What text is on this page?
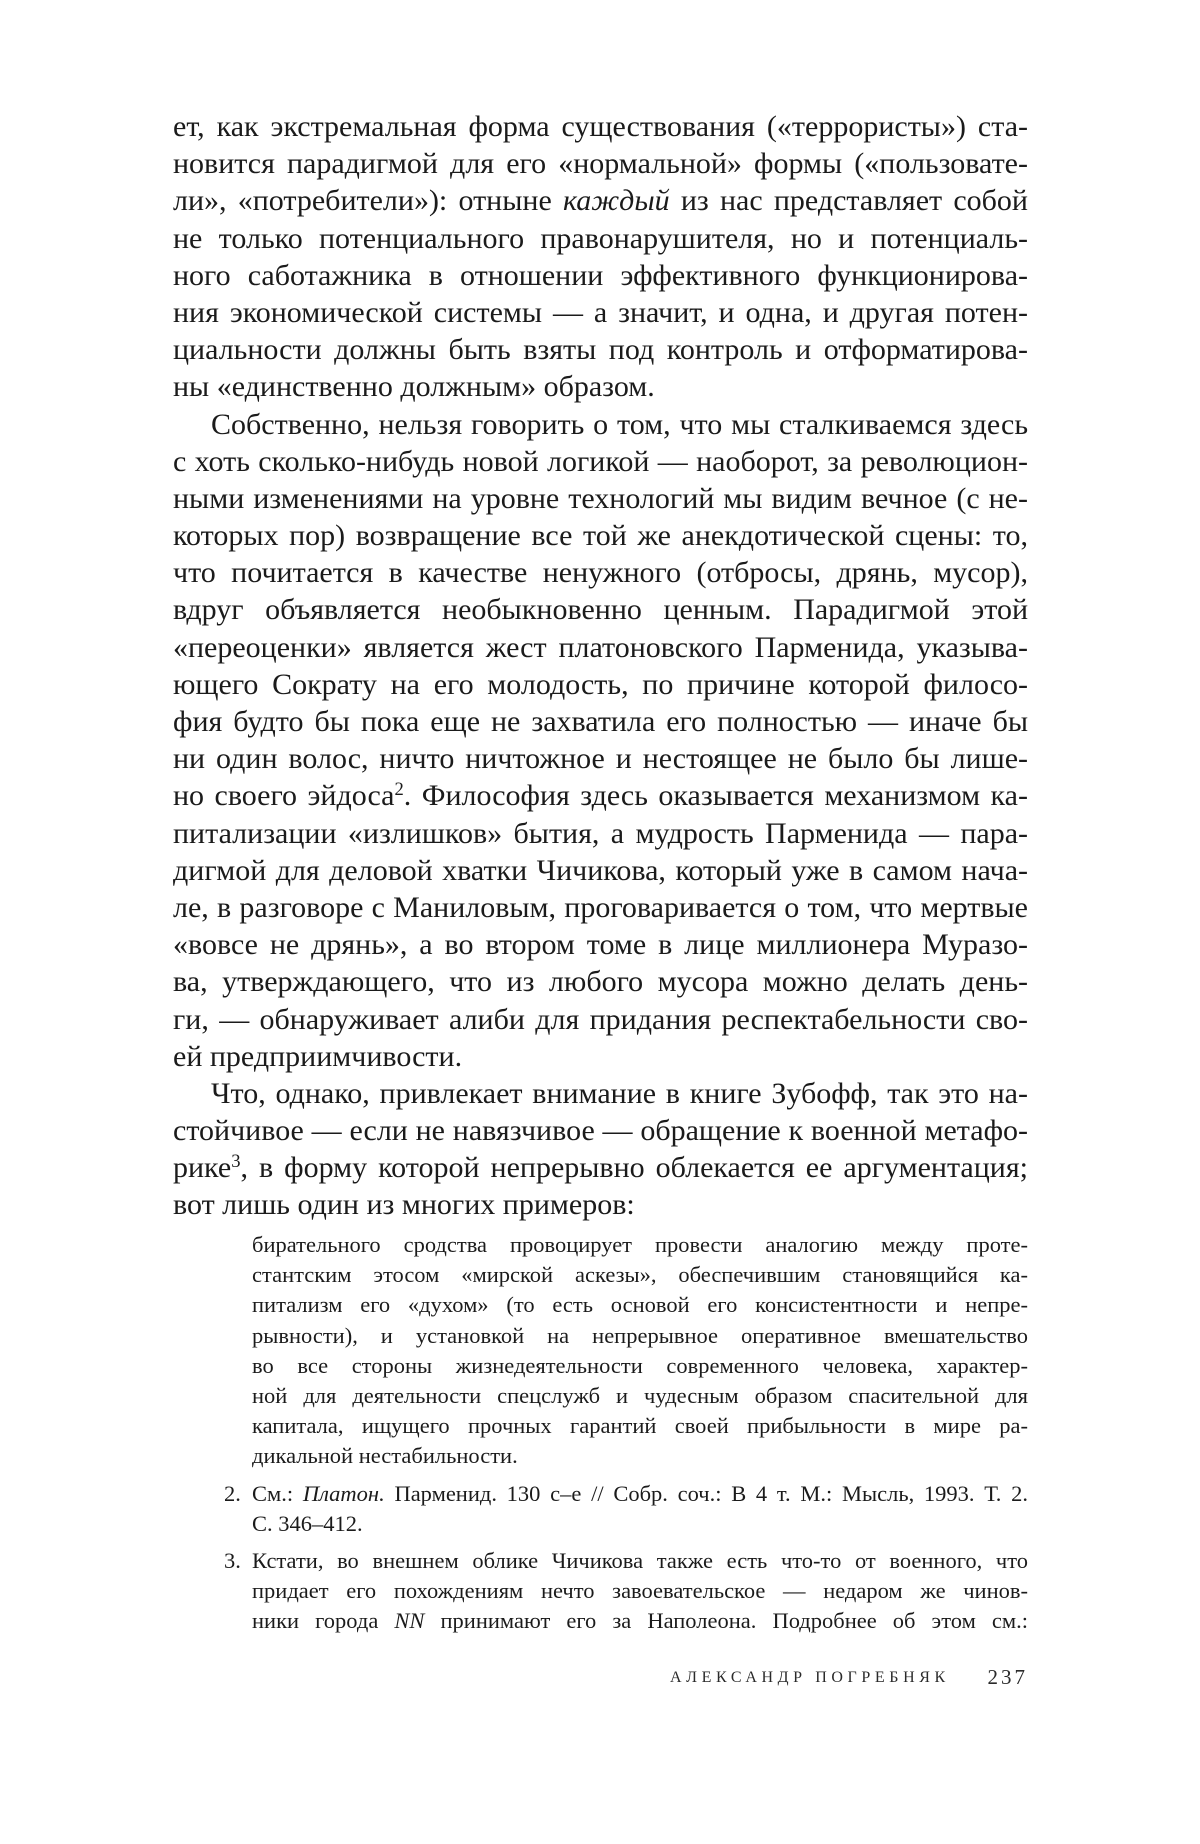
ет, как экстремальная форма существования («террористы») ста-
новится парадигмой для его «нормальной» формы («пользовате-
ли», «потребители»): отныне каждый из нас представляет собой
не только потенциального правонарушителя, но и потенциаль-
ного саботажника в отношении эффективного функционирова-
ния экономической системы — а значит, и одна, и другая потен-
циальности должны быть взяты под контроль и отформатирова-
ны «единственно должным» образом.
Собственно, нельзя говорить о том, что мы сталкиваемся здесь
с хоть сколько-нибудь новой логикой — наоборот, за революцион-
ными изменениями на уровне технологий мы видим вечное (с не-
которых пор) возвращение все той же анекдотической сцены: то,
что почитается в качестве ненужного (отбросы, дрянь, мусор),
вдруг объявляется необыкновенно ценным. Парадигмой этой
«переоценки» является жест платоновского Парменида, указыва-
ющего Сократу на его молодость, по причине которой филосо-
фия будто бы пока еще не захватила его полностью — иначе бы
ни один волос, ничто ничтожное и нестоящее не было бы лише-
но своего эйдоса$^2$. Философия здесь оказывается механизмом ка-
питализации «излишков» бытия, а мудрость Парменида — пара-
дигмой для деловой хватки Чичикова, который уже в самом нача-
ле, в разговоре с Маниловым, проговаривается о том, что мертвые
«вовсе не дрянь», а во втором томе в лице миллионера Муразо-
ва, утверждающего, что из любого мусора можно делать день-
ги, — обнаруживает алиби для придания респектабельности сво-
ей предприимчивости.
Что, однако, привлекает внимание в книге Зубофф, так это на-
стойчивое — если не навязчивое — обращение к военной метафо-
рике$^3$, в форму которой непрерывно облекается ее аргументация;
вот лишь один из многих примеров:
бирательного сродства провоцирует провести аналогию между проте-
стантским этосом «мирской аскезы», обеспечившим становящийся ка-
питализм его «духом» (то есть основой его консистентности и непре-
рывности), и установкой на непрерывное оперативное вмешательство
во все стороны жизнедеятельности современного человека, характер-
ной для деятельности спецслужб и чудесным образом спасительной для
капитала, ищущего прочных гарантий своей прибыльности в мире ра-
дикальной нестабильности.
2. См.: Платон. Парменид. 130 c–e // Собр. соч.: В 4 т. М.: Мысль, 1993. Т. 2.
С. 346–412.
3. Кстати, во внешнем облике Чичикова также есть что-то от военного, что
придает его похождениям нечто завоевательское — недаром же чинов-
ники города NN принимают его за Наполеона. Подробнее об этом см.:
АЛЕКСАНДР ПОГРЕБНЯК 237
